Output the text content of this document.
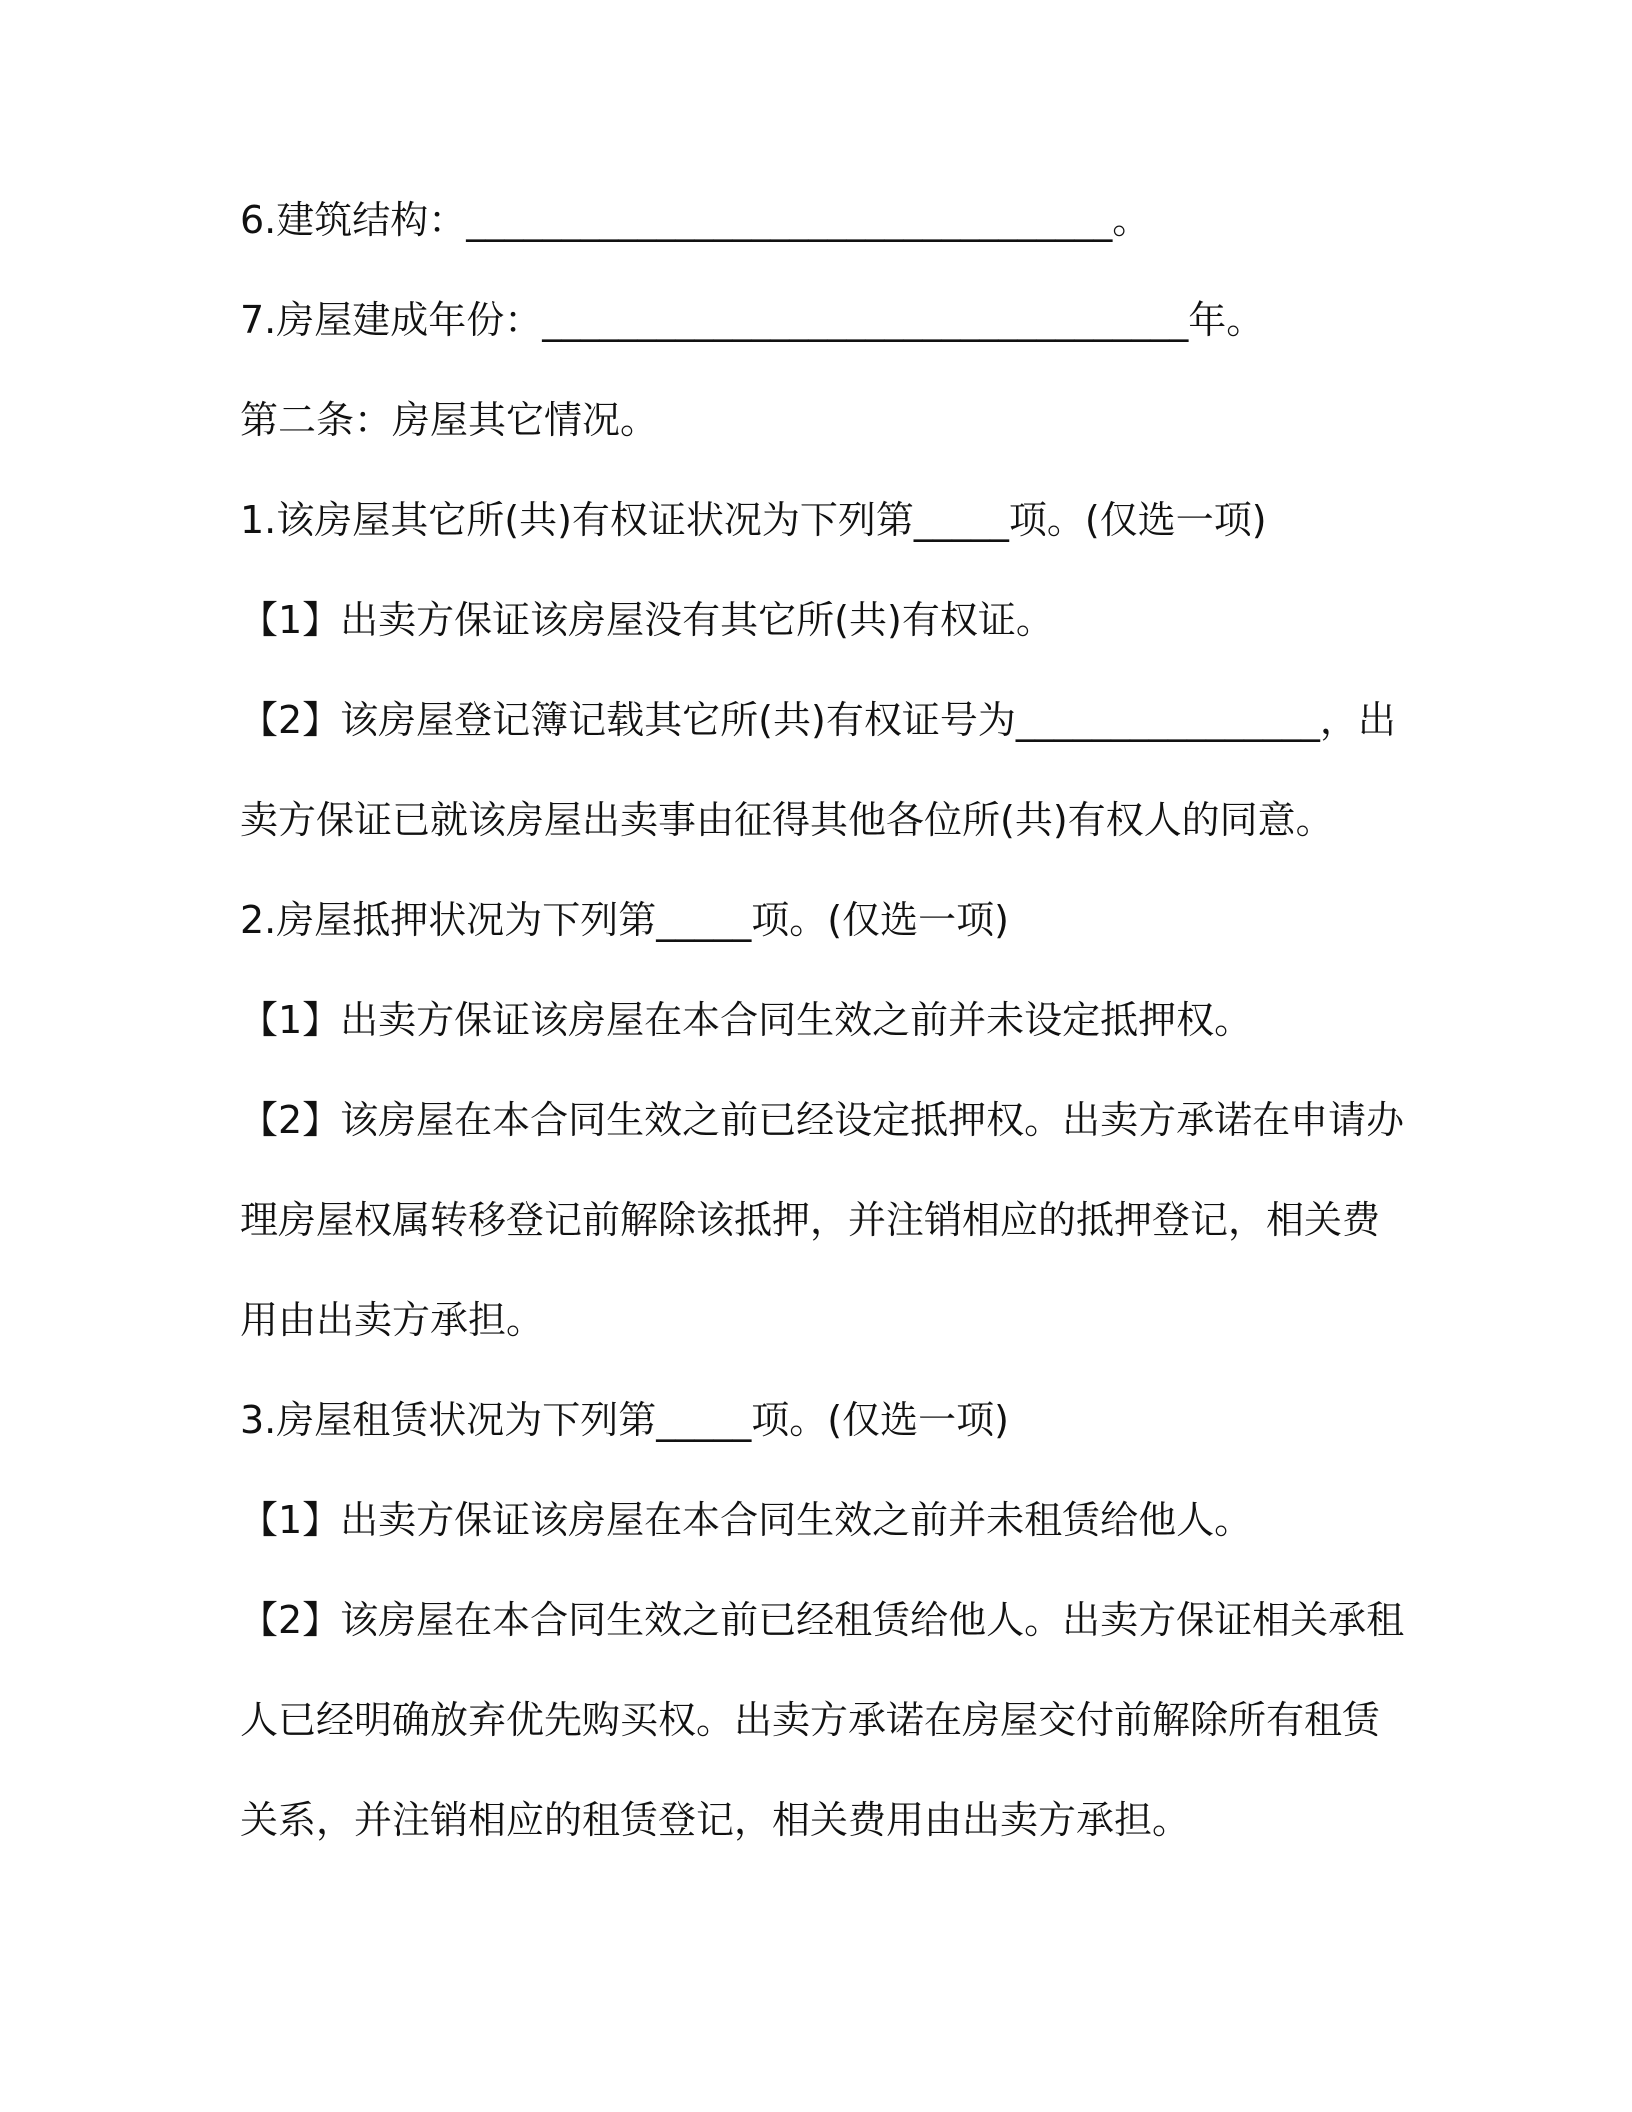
6.建筑结构：__________________________________。
7.房屋建成年份：__________________________________年。
第二条：房屋其它情况。
1.该房屋其它所(共)有权证状况为下列第_____项。(仅选一项)
【1】出卖方保证该房屋没有其它所(共)有权证。
【2】该房屋登记簿记载其它所(共)有权证号为________________，出
卖方保证已就该房屋出卖事由征得其他各位所(共)有权人的同意。
2.房屋抵押状况为下列第_____项。(仅选一项)
【1】出卖方保证该房屋在本合同生效之前并未设定抵押权。
【2】该房屋在本合同生效之前已经设定抵押权。出卖方承诺在申请办
理房屋权属转移登记前解除该抵押，并注销相应的抵押登记，相关费
用由出卖方承担。
3.房屋租赁状况为下列第_____项。(仅选一项)
【1】出卖方保证该房屋在本合同生效之前并未租赁给他人。
【2】该房屋在本合同生效之前已经租赁给他人。出卖方保证相关承租
人已经明确放弃优先购买权。出卖方承诺在房屋交付前解除所有租赁
关系，并注销相应的租赁登记，相关费用由出卖方承担。
